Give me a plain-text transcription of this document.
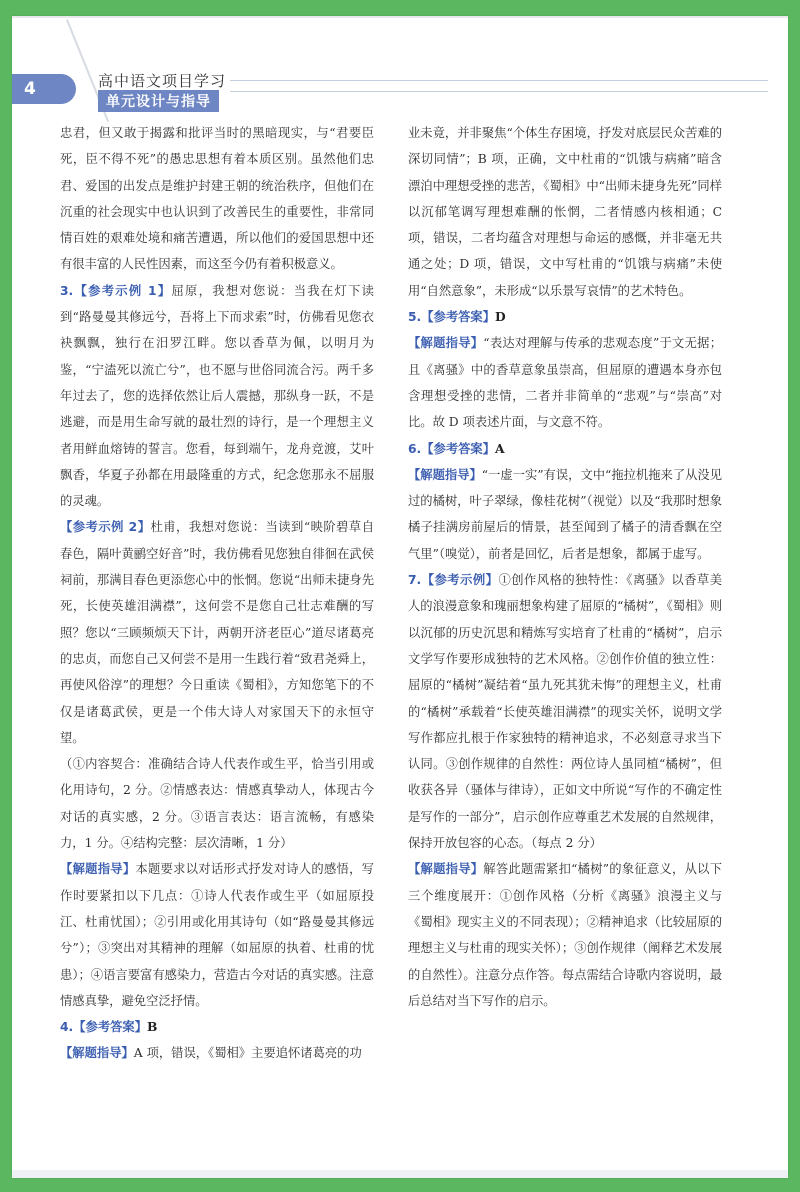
4	高中语文项目学习
单元设计与指导

忠君，但又敢于揭露和批评当时的黑暗现实，与“君要臣死，臣不得不死”的愚忠思想有着本质区别。虽然他们忠君、爱国的出发点是维护封建王朝的统治秩序，但他们在沉重的社会现实中也认识到了改善民生的重要性，非常同情百姓的艰难处境和痛苦遭遇，所以他们的爱国思想中还有很丰富的人民性因素，而这至今仍有着积极意义。

3.【参考示例 1】屈原，我想对您说：当我在灯下读到“路曼曼其修远兮，吾将上下而求索”时，仿佛看见您衣袂飘飘，独行在汨罗江畔。您以香草为佩，以明月为鉴，“宁溘死以流亡兮”，也不愿与世俗同流合污。两千多年过去了，您的选择依然让后人震撼，那纵身一跃，不是逃避，而是用生命写就的最壮烈的诗行，是一个理想主义者用鲜血熔铸的誓言。您看，每到端午，龙舟竞渡，艾叶飘香，华夏子孙都在用最隆重的方式，纪念您那永不屈服的灵魂。

【参考示例 2】杜甫，我想对您说：当读到“映阶碧草自春色，隔叶黄鹂空好音”时，我仿佛看见您独自徘徊在武侯祠前，那满目春色更添您心中的怅惘。您说“出师未捷身先死，长使英雄泪满襟”，这何尝不是您自己壮志难酬的写照？您以“三顾频烦天下计，两朝开济老臣心”道尽诸葛亮的忠贞，而您自己又何尝不是用一生践行着“致君尧舜上，再使风俗淳”的理想？今日重读《蜀相》，方知您笔下的不仅是诸葛武侯，更是一个伟大诗人对家国天下的永恒守望。

（①内容契合：准确结合诗人代表作或生平，恰当引用或化用诗句，2 分。②情感表达：情感真挚动人，体现古今对话的真实感，2 分。③语言表达：语言流畅，有感染力，1 分。④结构完整：层次清晰，1 分）

【解题指导】本题要求以对话形式抒发对诗人的感悟，写作时要紧扣以下几点：①诗人代表作或生平（如屈原投江、杜甫忧国）；②引用或化用其诗句（如“路曼曼其修远兮”）；③突出对其精神的理解（如屈原的执着、杜甫的忧患）；④语言要富有感染力，营造古今对话的真实感。注意情感真挚，避免空泛抒情。

4.【参考答案】B

【解题指导】A 项，错误，《蜀相》主要追怀诸葛亮的功

业未竟，并非聚焦“个体生存困境，抒发对底层民众苦难的深切同情”；B 项，正确，文中杜甫的“饥饿与病痛”暗含漂泊中理想受挫的悲苦，《蜀相》中“出师未捷身先死”同样以沉郁笔调写理想难酬的怅惘，二者情感内核相通；C 项，错误，二者均蕴含对理想与命运的感慨，并非毫无共通之处；D 项，错误，文中写杜甫的“饥饿与病痛”未使用“自然意象”，未形成“以乐景写哀情”的艺术特色。

5.【参考答案】D

【解题指导】“表达对理解与传承的悲观态度”于文无据；且《离骚》中的香草意象虽崇高，但屈原的遭遇本身亦包含理想受挫的悲情，二者并非简单的“悲观”与“崇高”对比。故 D 项表述片面，与文意不符。

6.【参考答案】A

【解题指导】“一虚一实”有误，文中“拖拉机拖来了从没见过的橘树，叶子翠绿，像桂花树”（视觉）以及“我那时想象橘子挂满房前屋后的情景，甚至闻到了橘子的清香飘在空气里”（嗅觉），前者是回忆，后者是想象，都属于虚写。

7.【参考示例】①创作风格的独特性：《离骚》以香草美人的浪漫意象和瑰丽想象构建了屈原的“橘树”，《蜀相》则以沉郁的历史沉思和精炼写实培育了杜甫的“橘树”，启示文学写作要形成独特的艺术风格。②创作价值的独立性：屈原的“橘树”凝结着“虽九死其犹未悔”的理想主义，杜甫的“橘树”承载着“长使英雄泪满襟”的现实关怀，说明文学写作都应扎根于作家独特的精神追求，不必刻意寻求当下认同。③创作规律的自然性：两位诗人虽同植“橘树”，但收获各异（骚体与律诗），正如文中所说“写作的不确定性是写作的一部分”，启示创作应尊重艺术发展的自然规律，保持开放包容的心态。（每点 2 分）

【解题指导】解答此题需紧扣“橘树”的象征意义，从以下三个维度展开：①创作风格（分析《离骚》浪漫主义与《蜀相》现实主义的不同表现）；②精神追求（比较屈原的理想主义与杜甫的现实关怀）；③创作规律（阐释艺术发展的自然性）。注意分点作答。每点需结合诗歌内容说明，最后总结对当下写作的启示。
